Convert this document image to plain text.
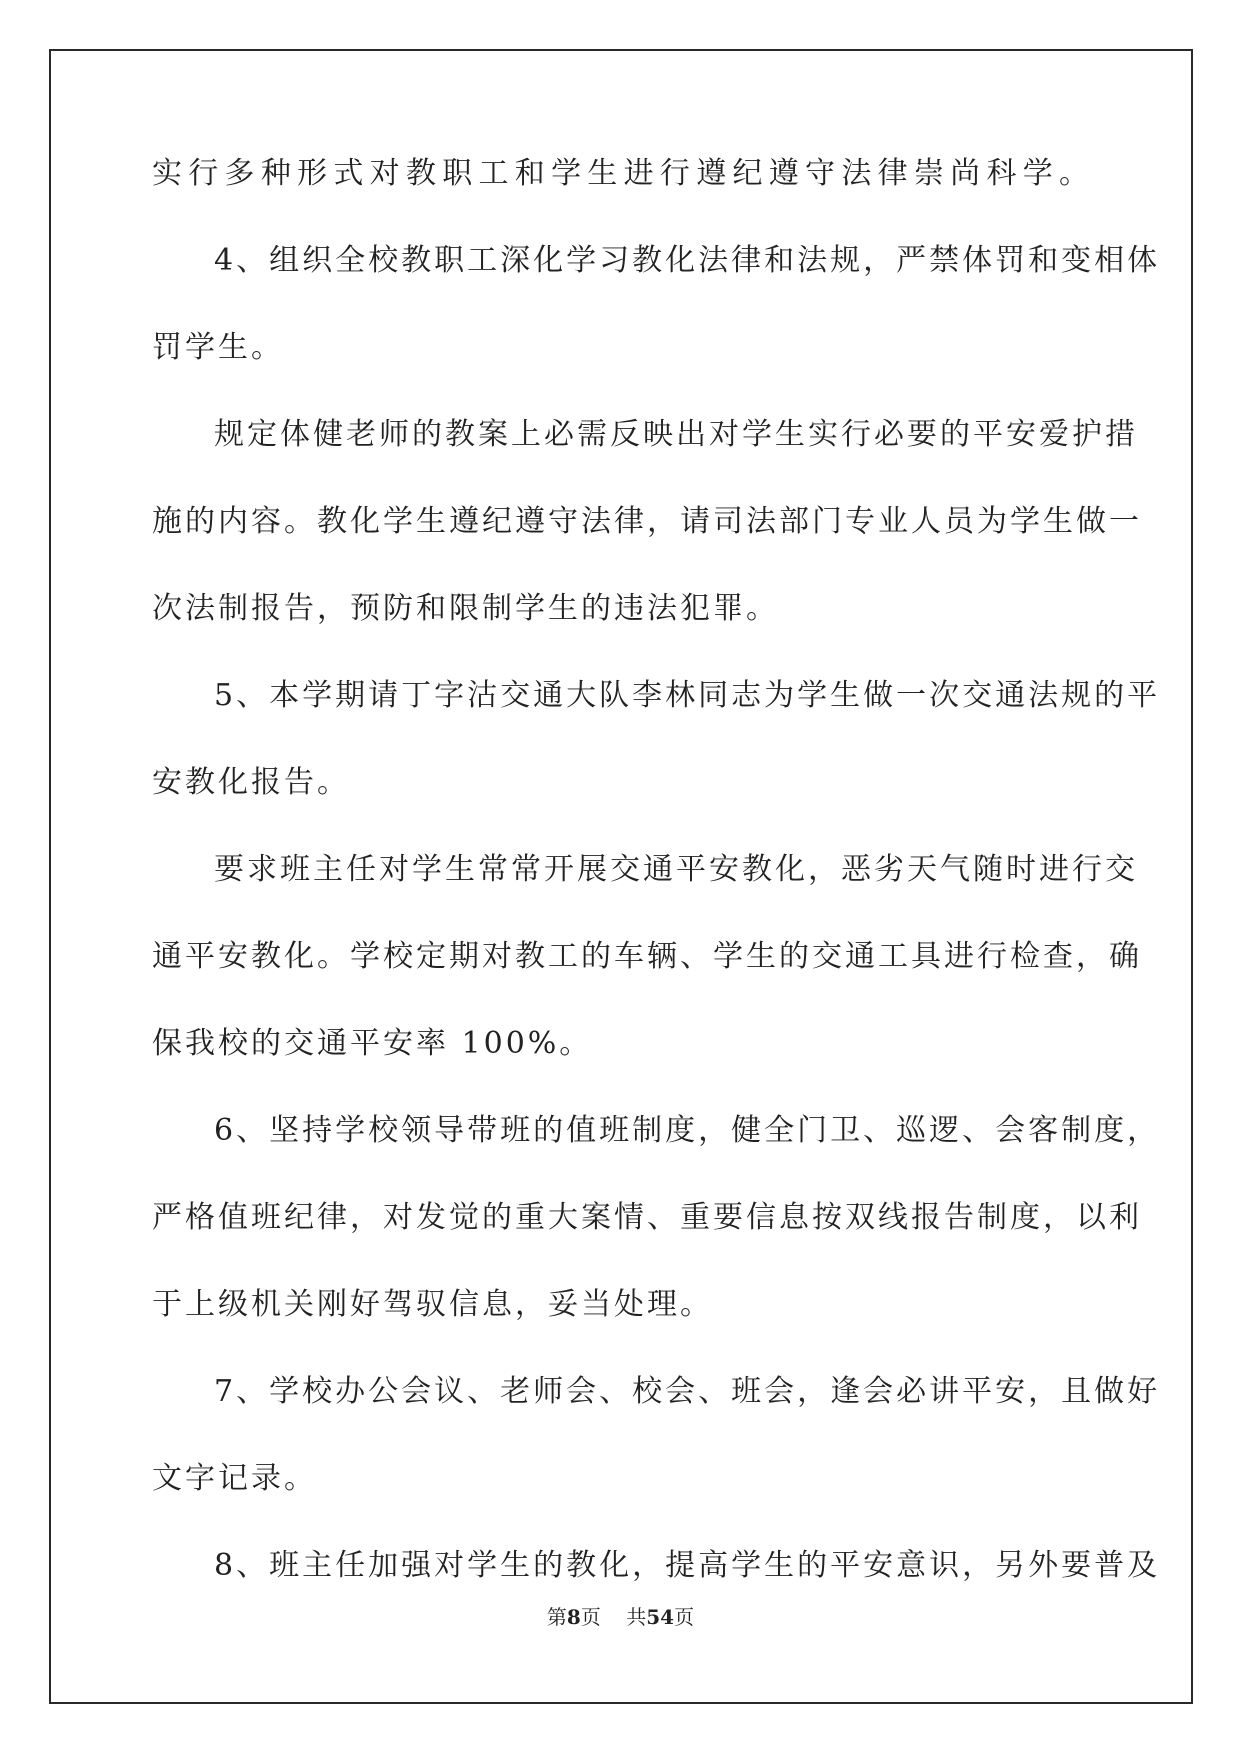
实行多种形式对教职工和学生进行遵纪遵守法律崇尚科学。
4、组织全校教职工深化学习教化法律和法规，严禁体罚和变相体
罚学生。
规定体健老师的教案上必需反映出对学生实行必要的平安爱护措
施的内容。教化学生遵纪遵守法律，请司法部门专业人员为学生做一
次法制报告，预防和限制学生的违法犯罪。
5、本学期请丁字沽交通大队李林同志为学生做一次交通法规的平
安教化报告。
要求班主任对学生常常开展交通平安教化，恶劣天气随时进行交
通平安教化。学校定期对教工的车辆、学生的交通工具进行检查，确
保我校的交通平安率 100%。
6、坚持学校领导带班的值班制度，健全门卫、巡逻、会客制度，
严格值班纪律，对发觉的重大案情、重要信息按双线报告制度，以利
于上级机关刚好驾驭信息，妥当处理。
7、学校办公会议、老师会、校会、班会，逢会必讲平安，且做好
文字记录。
8、班主任加强对学生的教化，提高学生的平安意识，另外要普及
第8页 共54页
